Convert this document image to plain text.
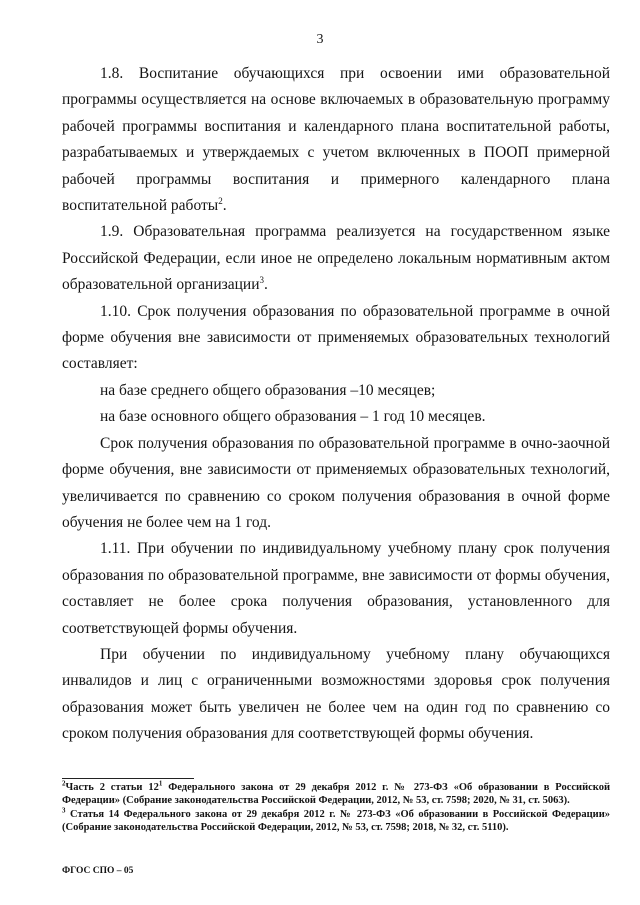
3

1.8. Воспитание обучающихся при освоении ими образовательной программы осуществляется на основе включаемых в образовательную программу рабочей программы воспитания и календарного плана воспитательной работы, разрабатываемых и утверждаемых с учетом включенных в ПООП примерной рабочей программы воспитания и примерного календарного плана воспитательной работы$^2$.

1.9. Образовательная программа реализуется на государственном языке Российской Федерации, если иное не определено локальным нормативным актом образовательной организации$^3$.

1.10. Срок получения образования по образовательной программе в очной форме обучения вне зависимости от применяемых образовательных технологий составляет:

на базе среднего общего образования –10 месяцев;

на базе основного общего образования – 1 год 10 месяцев.

Срок получения образования по образовательной программе в очно-заочной форме обучения, вне зависимости от применяемых образовательных технологий, увеличивается по сравнению со сроком получения образования в очной форме обучения не более чем на 1 год.

1.11. При обучении по индивидуальному учебному плану срок получения образования по образовательной программе, вне зависимости от формы обучения, составляет не более срока получения образования, установленного для соответствующей формы обучения.

При обучении по индивидуальному учебному плану обучающихся инвалидов и лиц с ограниченными возможностями здоровья срок получения образования может быть увеличен не более чем на один год по сравнению со сроком получения образования для соответствующей формы обучения.

$^2$Часть 2 статьи $12^1$ Федерального закона от 29 декабря 2012 г. № 273-ФЗ «Об образовании в Российской Федерации» (Собрание законодательства Российской Федерации, 2012, № 53, ст. 7598; 2020, № 31, ст. 5063).

$^3$ Статья 14 Федерального закона от 29 декабря 2012 г. № 273-ФЗ «Об образовании в Российской Федерации» (Собрание законодательства Российской Федерации, 2012, № 53, ст. 7598; 2018, № 32, ст. 5110).

ФГОС СПО – 05
